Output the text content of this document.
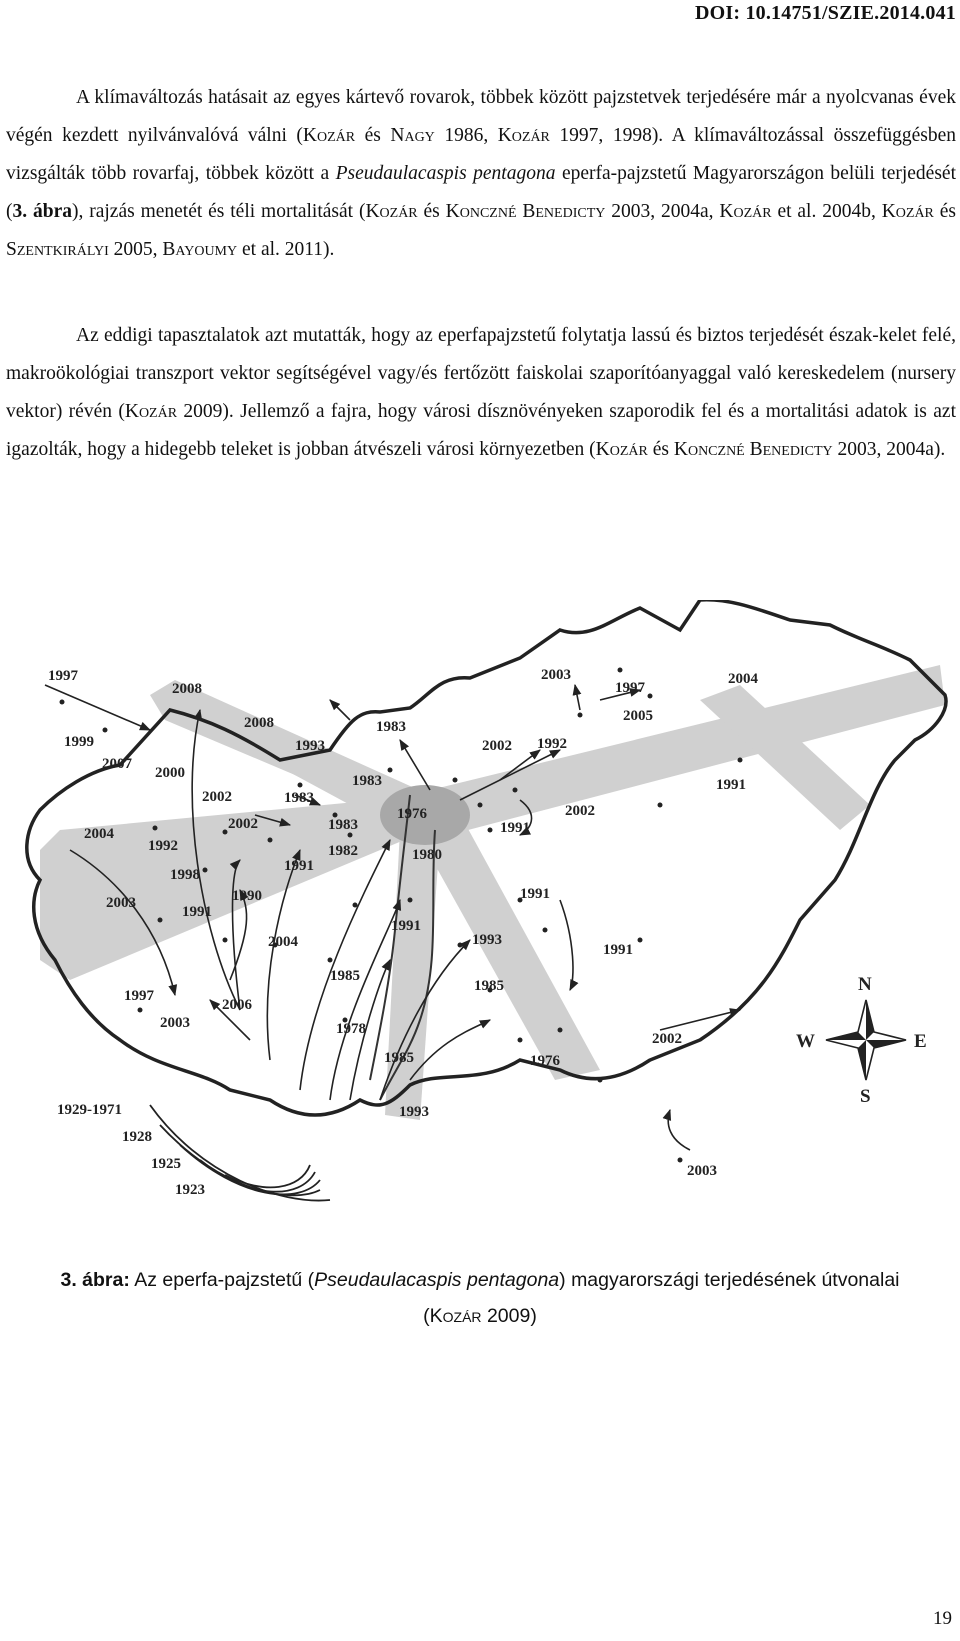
DOI: 10.14751/SZIE.2014.041

A klímaváltozás hatásait az egyes kártevő rovarok, többek között pajzstetvek terjedésére már a nyolcvanas évek végén kezdett nyilvánvalóvá válni (Kozár és Nagy 1986, Kozár 1997, 1998). A klímaváltozással összefüggésben vizsgálták több rovarfaj, többek között a Pseudaulacaspis pentagona eperfa-pajzstetű Magyarországon belüli terjedését (3. ábra), rajzás menetét és téli mortalitását (Kozár és Konczné Benedicty 2003, 2004a, Kozár et al. 2004b, Kozár és Szentkirályi 2005, Bayoumy et al. 2011).

Az eddigi tapasztalatok azt mutatták, hogy az eperfapajzstetű folytatja lassú és biztos terjedését észak-kelet felé, makroökológiai transzport vektor segítségével vagy/és fertőzött faiskolai szaporítóanyaggal való kereskedelem (nursery vektor) révén (Kozár 2009). Jellemző a fajra, hogy városi dísznövényeken szaporodik fel és a mortalitási adatok is azt igazolták, hogy a hidegebb teleket is jobban átvészeli városi környezetben (Kozár és Konczné Benedicty 2003, 2004a).

1997
2008
1999
2007
2000
2002
2004
1992
1998
2003
1991
1990
1997
2003
2006
2008
1993
1983
1983
2002
1983
1983
1982
1991
2004
1985
1978
1985
1993
1929-1971
1928
1925
1923
1976
1980
1991
1993
1985
1976
2003
1997
2005
2004
2002 1992
1991
2002
1991
1991
1991
2002
2003
N
S
E
W
3. ábra: Az eperfa-pajzstetű (Pseudaulacaspis pentagona) magyarországi terjedésének útvonalai
(Kozár 2009)
19
